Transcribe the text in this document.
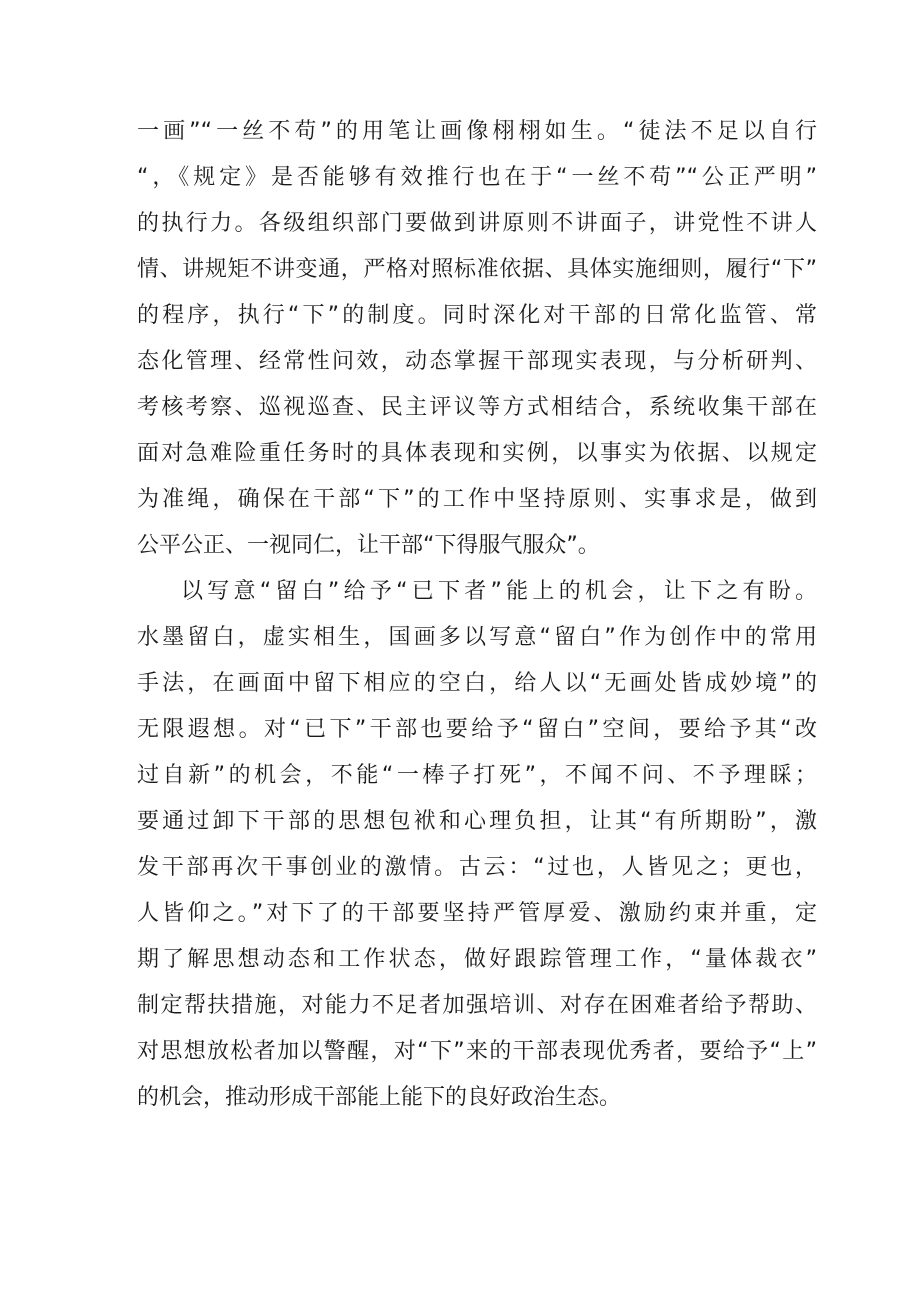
一画”“一丝不苟”的用笔让画像栩栩如生。“徒法不足以自行
“，《规定》是否能够有效推行也在于“一丝不苟”“公正严明”
的执行力。各级组织部门要做到讲原则不讲面子，讲党性不讲人
情、讲规矩不讲变通，严格对照标准依据、具体实施细则，履行“下”
的程序，执行“下”的制度。同时深化对干部的日常化监管、常
态化管理、经常性问效，动态掌握干部现实表现，与分析研判、
考核考察、巡视巡查、民主评议等方式相结合，系统收集干部在
面对急难险重任务时的具体表现和实例，以事实为依据、以规定
为准绳，确保在干部“下”的工作中坚持原则、实事求是，做到
公平公正、一视同仁，让干部“下得服气服众”。
以写意“留白”给予“已下者”能上的机会，让下之有盼。
水墨留白，虚实相生，国画多以写意“留白”作为创作中的常用
手法，在画面中留下相应的空白，给人以“无画处皆成妙境”的
无限遐想。对“已下”干部也要给予“留白”空间，要给予其“改
过自新”的机会，不能“一棒子打死”，不闻不问、不予理睬；
要通过卸下干部的思想包袱和心理负担，让其“有所期盼”，激
发干部再次干事创业的激情。古云：“过也，人皆见之；更也，
人皆仰之。”对下了的干部要坚持严管厚爱、激励约束并重，定
期了解思想动态和工作状态，做好跟踪管理工作，“量体裁衣”
制定帮扶措施，对能力不足者加强培训、对存在困难者给予帮助、
对思想放松者加以警醒，对“下”来的干部表现优秀者，要给予“上”
的机会，推动形成干部能上能下的良好政治生态。
